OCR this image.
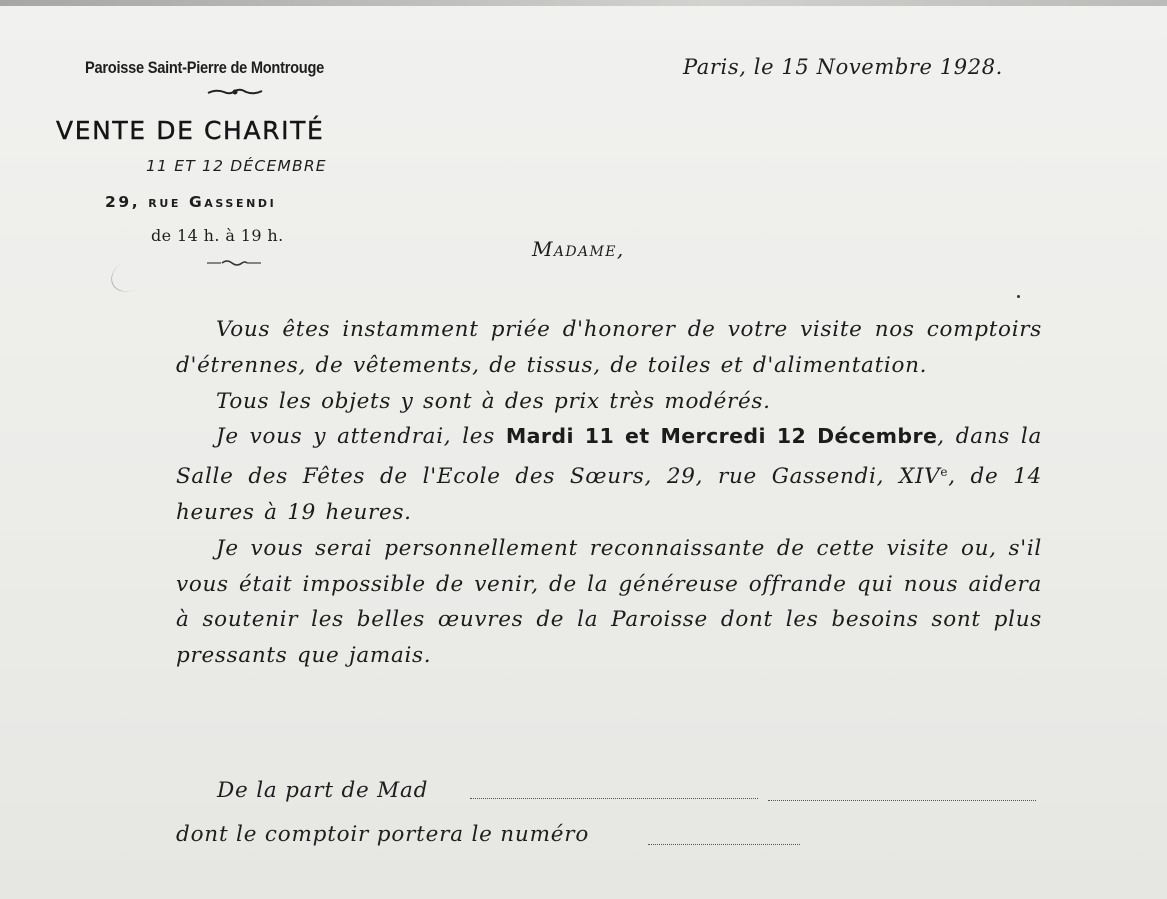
Paroisse Saint-Pierre de Montrouge
VENTE DE CHARITÉ
11 ET 12 DÉCEMBRE
29, rue Gassendi
de 14 h. à 19 h.
Paris, le 15 Novembre 1928.
Madame,

Vous êtes instamment priée d'honorer de votre visite nos comptoirs d'étrennes, de vêtements, de tissus, de toiles et d'alimentation.

Tous les objets y sont à des prix très modérés.

Je vous y attendrai, les Mardi 11 et Mercredi 12 Décembre, dans la Salle des Fêtes de l'Ecole des Sœurs, 29, rue Gassendi, XIVe, de 14 heures à 19 heures.

Je vous serai personnellement reconnaissante de cette visite ou, s'il vous était impossible de venir, de la généreuse offrande qui nous aidera à soutenir les belles œuvres de la Paroisse dont les besoins sont plus pressants que jamais.

De la part de Mad
dont le comptoir portera le numéro
